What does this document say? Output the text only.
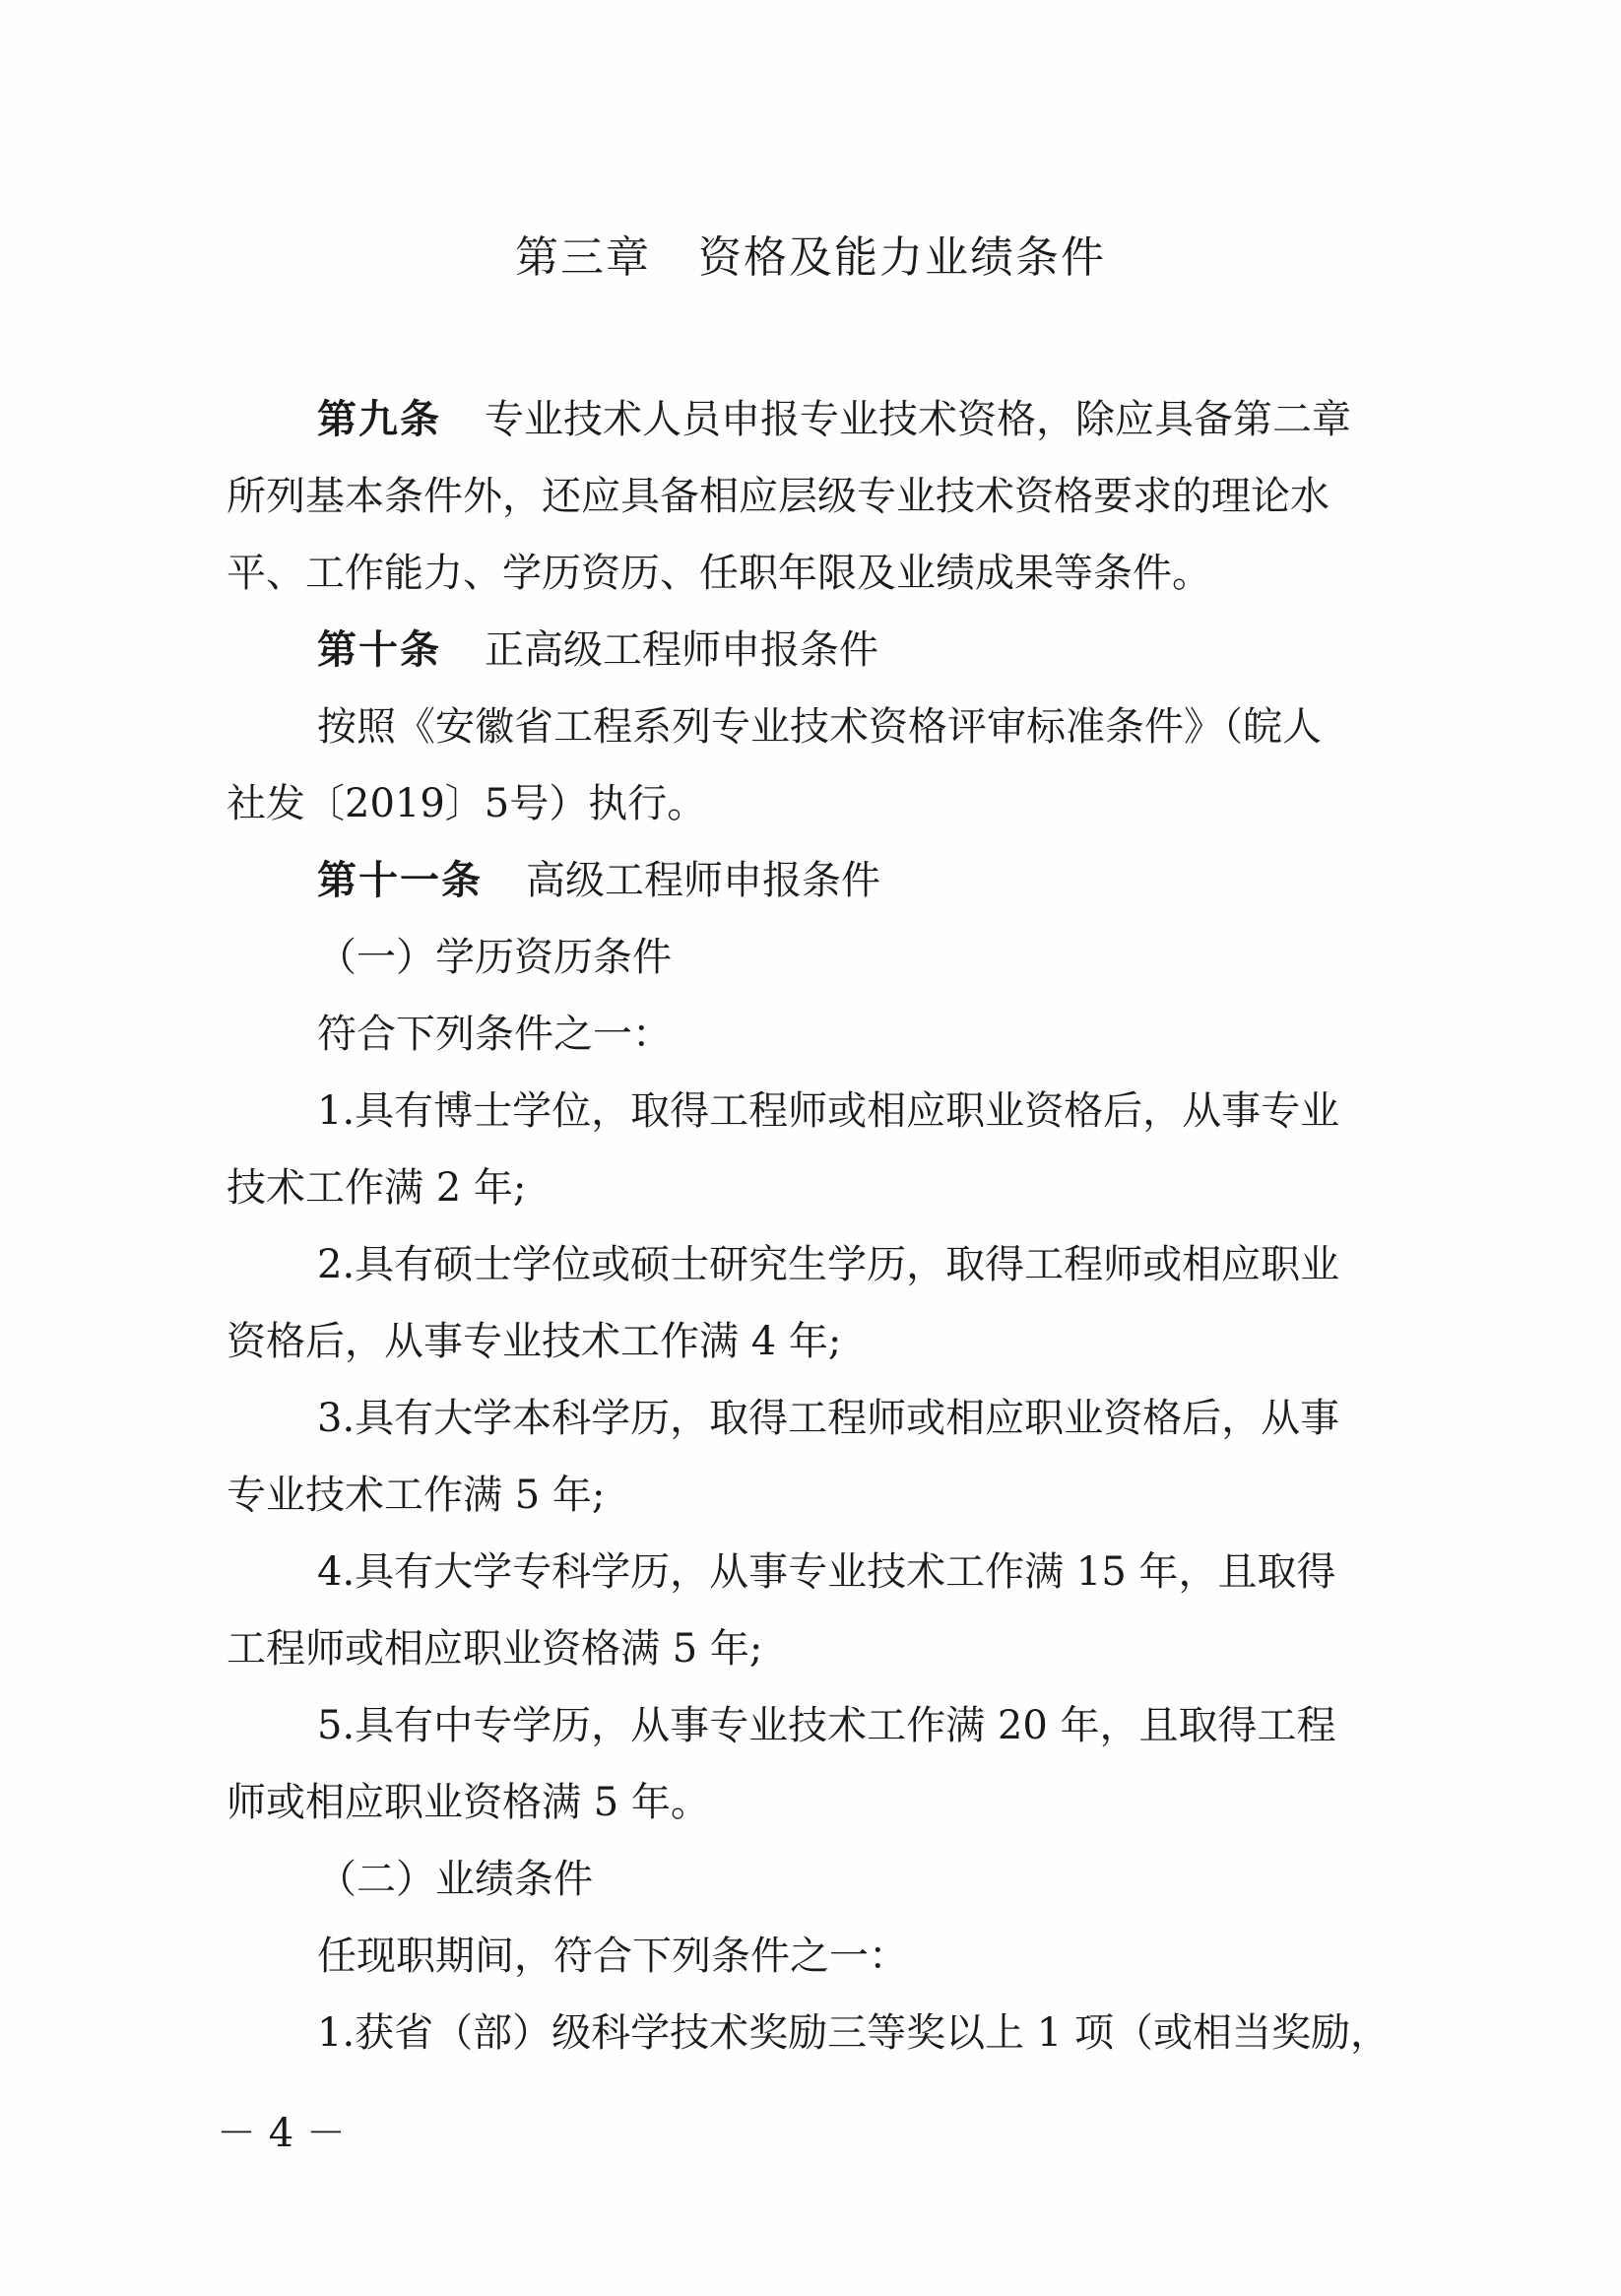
第三章 资格及能力业绩条件
第九条 专业技术人员申报专业技术资格，除应具备第二章
所列基本条件外，还应具备相应层级专业技术资格要求的理论水
平、工作能力、学历资历、任职年限及业绩成果等条件。
第十条 正高级工程师申报条件
按照《安徽省工程系列专业技术资格评审标准条件》（皖人
社发〔2019〕5号）执行。
第十一条 高级工程师申报条件
（一）学历资历条件
符合下列条件之一：
1.具有博士学位，取得工程师或相应职业资格后，从事专业
技术工作满 2 年;
2.具有硕士学位或硕士研究生学历，取得工程师或相应职业
资格后，从事专业技术工作满 4 年;
3.具有大学本科学历，取得工程师或相应职业资格后，从事
专业技术工作满 5 年;
4.具有大学专科学历，从事专业技术工作满 15 年，且取得
工程师或相应职业资格满 5 年;
5.具有中专学历，从事专业技术工作满 20 年，且取得工程
师或相应职业资格满 5 年。
（二）业绩条件
任现职期间，符合下列条件之一：
1.获省（部）级科学技术奖励三等奖以上 1 项（或相当奖励，
－ 4 －
